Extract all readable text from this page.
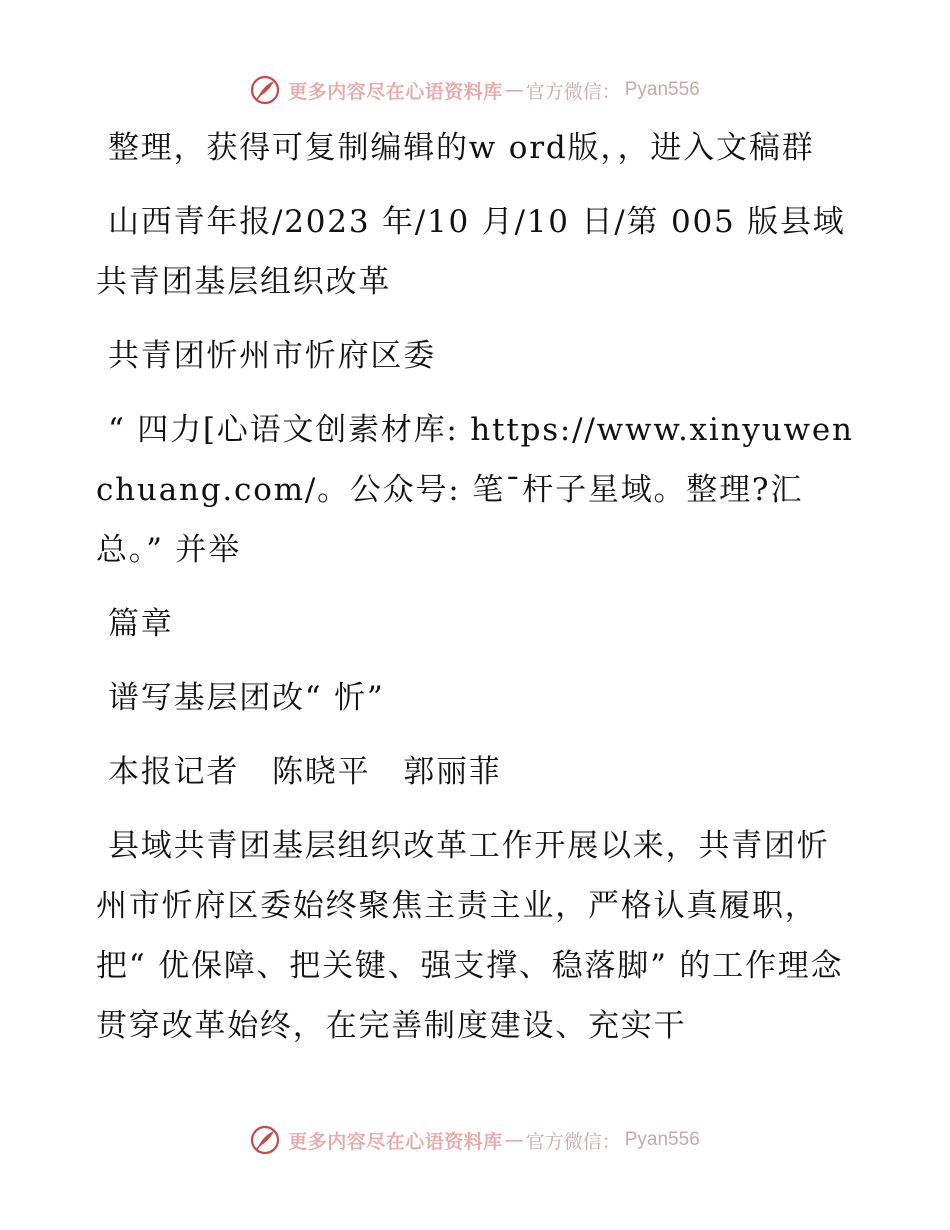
更多内容尽在心语资料库 — 官方微信： Pyan556

整理，获得可复制编辑的w ord版，，进入文稿群

山西青年报/2023 年/10 月/10 日/第 005 版县域共青团基层组织改革

共青团忻州市忻府区委

“ 四力[心语文创素材库: https://www.xinyuwenchuang.com/。公众号: 笔¯杆子星域。整理?汇总。” 并举

篇章

谱写基层团改“ 忻”

本报记者　陈晓平　郭丽菲

县域共青团基层组织改革工作开展以来，共青团忻州市忻府区委始终聚焦主责主业，严格认真履职，把“ 优保障、把关键、强支撑、稳落脚” 的工作理念贯穿改革始终，在完善制度建设、充实干

更多内容尽在心语资料库 — 官方微信： Pyan556
